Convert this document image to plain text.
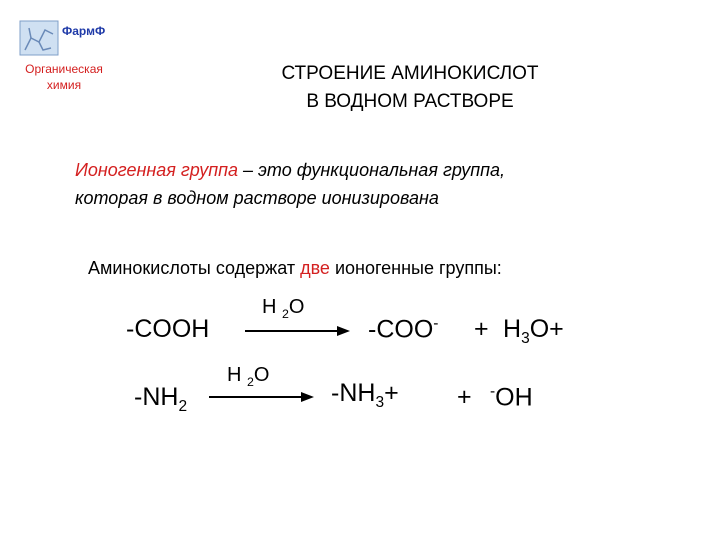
ФармФ
Органическая химия
СТРОЕНИЕ АМИНОКИСЛОТ
В ВОДНОМ РАСТВОРЕ
Ионогенная группа – это функциональная группа,
которая в водном растворе ионизирована
Аминокислоты содержат две ионогенные группы:
-COOH
H $_2$O
$-COO^- + H_3O+$
$-NH_2$
H $_2$O
$-NH_3+ + ^-OH$
